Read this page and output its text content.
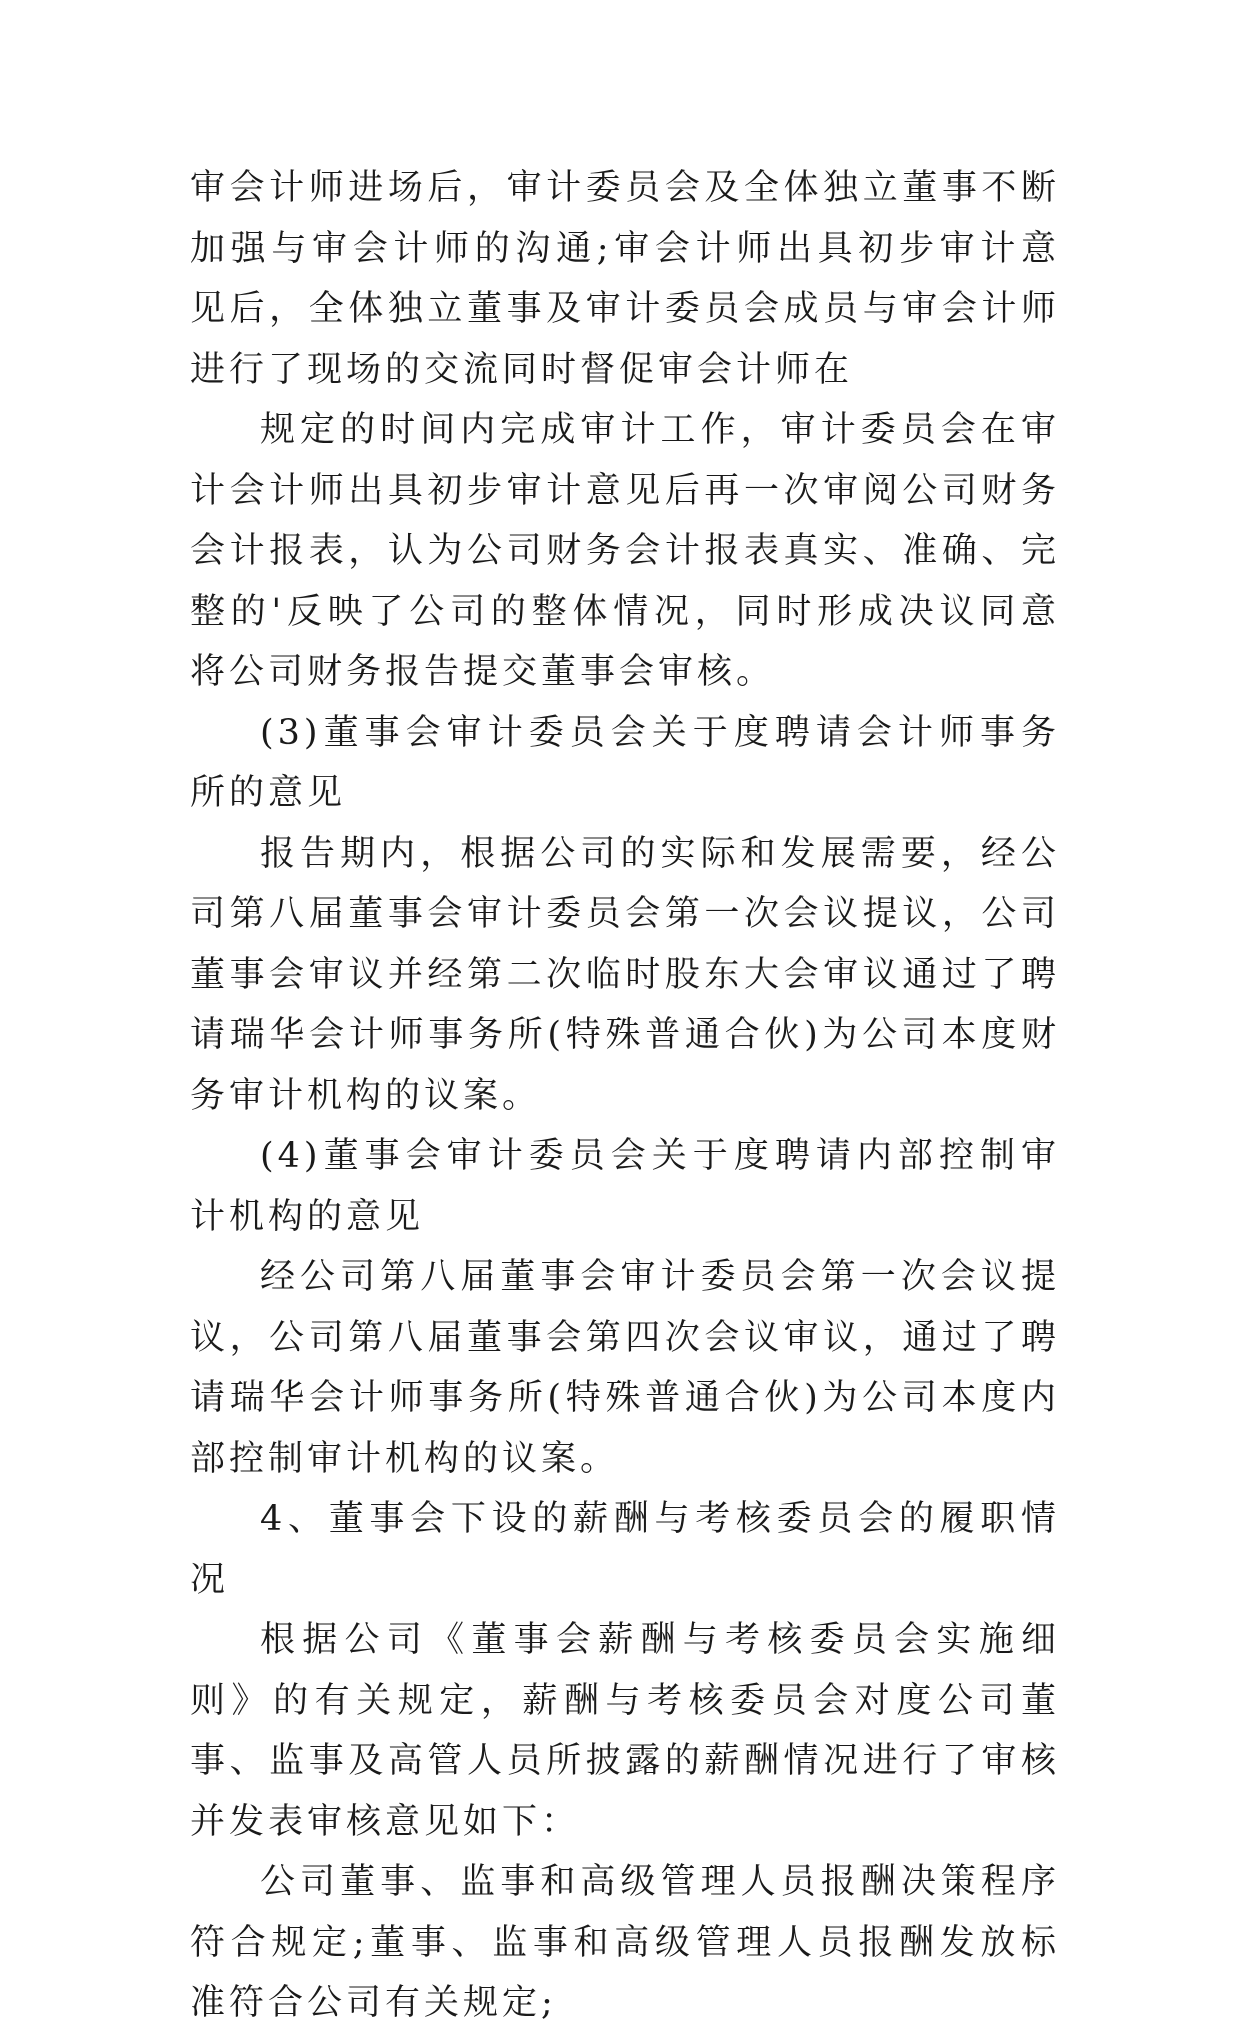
审会计师进场后，审计委员会及全体独立董事不断加强与审会计师的沟通;审会计师出具初步审计意见后，全体独立董事及审计委员会成员与审会计师进行了现场的交流同时督促审会计师在

规定的时间内完成审计工作，审计委员会在审计会计师出具初步审计意见后再一次审阅公司财务会计报表，认为公司财务会计报表真实、准确、完整的'反映了公司的整体情况，同时形成决议同意将公司财务报告提交董事会审核。

(3)董事会审计委员会关于度聘请会计师事务所的意见

报告期内，根据公司的实际和发展需要，经公司第八届董事会审计委员会第一次会议提议，公司董事会审议并经第二次临时股东大会审议通过了聘请瑞华会计师事务所(特殊普通合伙)为公司本度财务审计机构的议案。

(4)董事会审计委员会关于度聘请内部控制审计机构的意见

经公司第八届董事会审计委员会第一次会议提议，公司第八届董事会第四次会议审议，通过了聘请瑞华会计师事务所(特殊普通合伙)为公司本度内部控制审计机构的议案。

4、董事会下设的薪酬与考核委员会的履职情况

根据公司《董事会薪酬与考核委员会实施细则》的有关规定，薪酬与考核委员会对度公司董事、监事及高管人员所披露的薪酬情况进行了审核并发表审核意见如下：

公司董事、监事和高级管理人员报酬决策程序符合规定;董事、监事和高级管理人员报酬发放标准符合公司有关规定;
